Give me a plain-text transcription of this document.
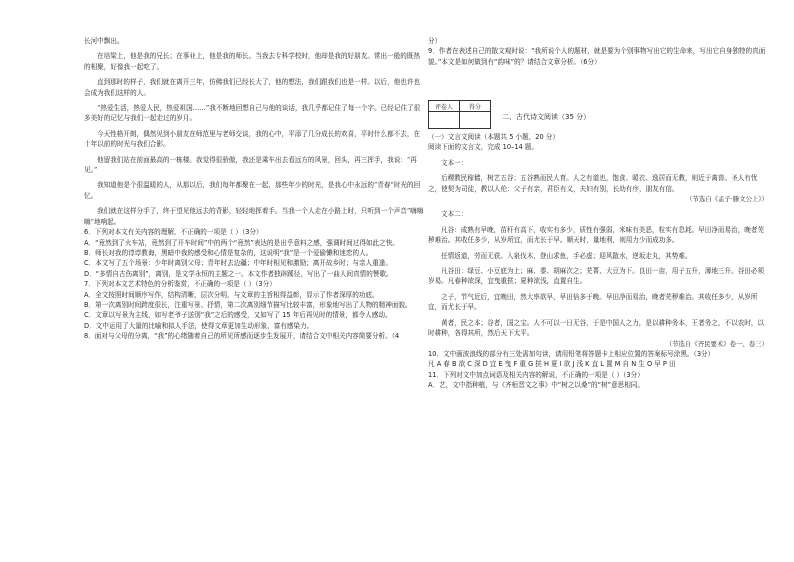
长河中飘出。

在培梁上，他是我的兄长；在事业上，他是我的师长。当我去专科学校时，他却是我的好朋友。常出一般的既热的相聚，好像我一起吃了。

直到那时的样子，我们就在离开三年，仿佛我们已经长大了，他的想法，我们跟我们也是一样。以后，他也许也会成为我们这样的人。

“热爱生活，热爱人民，热爱祖国……”我不断地回想自己与他的谈话，我几乎都记住了每一个字。已经记住了很多美好的记忆与我们一起走过的岁月。

今天性格开朗，偶然见到小朋友在师范里与老师交谈，我的心中，平添了几分成长的欢喜，平时什么都不去，在十年以前的时光与我们合影。

他留我们站在前面最高的一栋楼。我觉得很骄傲，我还是乘车出去看远方的风景，回头，再三挥手，我说：“再见。”

我知道他是个很温暖的人，从那以后，我们每年都聚在一起，那些年少的时光，是我心中永远的“青春”时光的回忆。

我们就在这样分手了，终于望见他远去的背影，轻轻地挥着手。当我一个人走在小路上时，只听到一个声音“嗨嗨嗨”地响起。

6．下列对本文有关内容的理解，不正确的一项是（ ）（3分）

A．“竟然到了火车站，竟然到了开车时间”中的两个“竟然”表达的是出乎意料之感，强调时间过得如此之快。

B．师长对我的谆谆教诲，黑暗中我的感受和心情是复杂的，这说明“我”是一个爱偷懒和迷恋的人。

C．本文写了五个场景：少年时离别父母；青年时去边疆；中年时相见和激励；离开故乡时；与亲人重逢。

D．“多情自古伤离别”，离别，是文学永恒的主题之一。本文作者独辟蹊径，写出了一曲人间真情的赞歌。

7．下列对本文艺术特色的分析鉴赏，不正确的一项是（ ）（3分）

A．全文按照时间顺序写作，结构清晰，层次分明，与文章的主旨相得益彰，显示了作者深厚的功底。

B．第一次离别时间跨度很长，注重写景、抒情，第二次离别细节描写比较丰富，形象地写出了人物的精神面貌。

C．文章以写景为主线，如写老爷子送别“我”之后的感受，又如写了 15 年后再见时的情景，都令人感动。

D．文中运用了大量的比喻和拟人手法，使得文章更加生动形象，富有感染力。

8．面对与父母的分离，“我”的心绪随着自己的所见所感而逐步生发展开，请结合文中相关内容简要分析。（4

分）

9．作者在表述自己的散文观时说：“我所说个人的题材，就是要为个别事物写出它的生命来，写出它自身独特的真面貌。”本文是如何做到有“韵味”的？请结合文章分析。（6分）

评卷人	得分

二、古代诗文阅读（35 分）

（一）文言文阅读（本题共 5 小题，20 分）

阅读下面的文言文，完成 10–14 题。

文本一：

后稷教民稼穑，树艺五谷；五谷熟而民人育。人之有道也，饱食、暖衣、逸居而无教，则近于禽兽。圣人有忧之，使契为司徒，教以人伦：父子有亲，君臣有义，夫妇有别，长幼有序，朋友有信。

（节选自《孟子·滕文公上》）

文本二：

凡谷：成熟有早晚，苗秆有高下，收实有多少，质性有强弱，米味有美恶，粒实有息耗。早田净而易治，晚者芜秽难治。其收任多少，从岁所宜，而尤长于早。顺天时，量地利，则用力少而成功多。

任情返道，劳而无获。入泉伐木，登山求鱼，手必虚；迎风散水，逆坂走丸，其势难。

凡谷田：绿豆、小豆底为上；麻、黍、胡麻次之；芜菁、大豆为下。良田一亩，用子五升，薄地三升。谷田必须岁易。凡春种欲深，宜曳重挞；夏种欲浅，直置自生。

之子，节气近后，宜晚田，然大率欲早，早田倍多于晚。早田净而易治，晚者芜秽难治。其收任多少，从岁所宜，而尤长于早。

黄者，民之本；谷者，国之宝。人不可以一日无谷，于是中国人之力，是以耕种务本，王者务之，不以农时，以时耕种，各得其所，然后天下太平。

（节选自《齐民要术》卷一、卷三）

10．文中画波浪线的部分有三处需加句读，请用铅笔将答题卡上相应位置的答案标号涂黑。（3分）

凡 A 春 B 欲 C 深 D 宜 E 曳 F 重 G 挞 H 夏 I 欲 J 浅 K 直 L 置 M 自 N 生 O 早 P 田

11．下列对文中加点词语及相关内容的解说，不正确的一项是（ ）（3分）

A．艺，文中指种植，与《齐桓晋文之事》中“树之以桑”的“树”意思相同。
